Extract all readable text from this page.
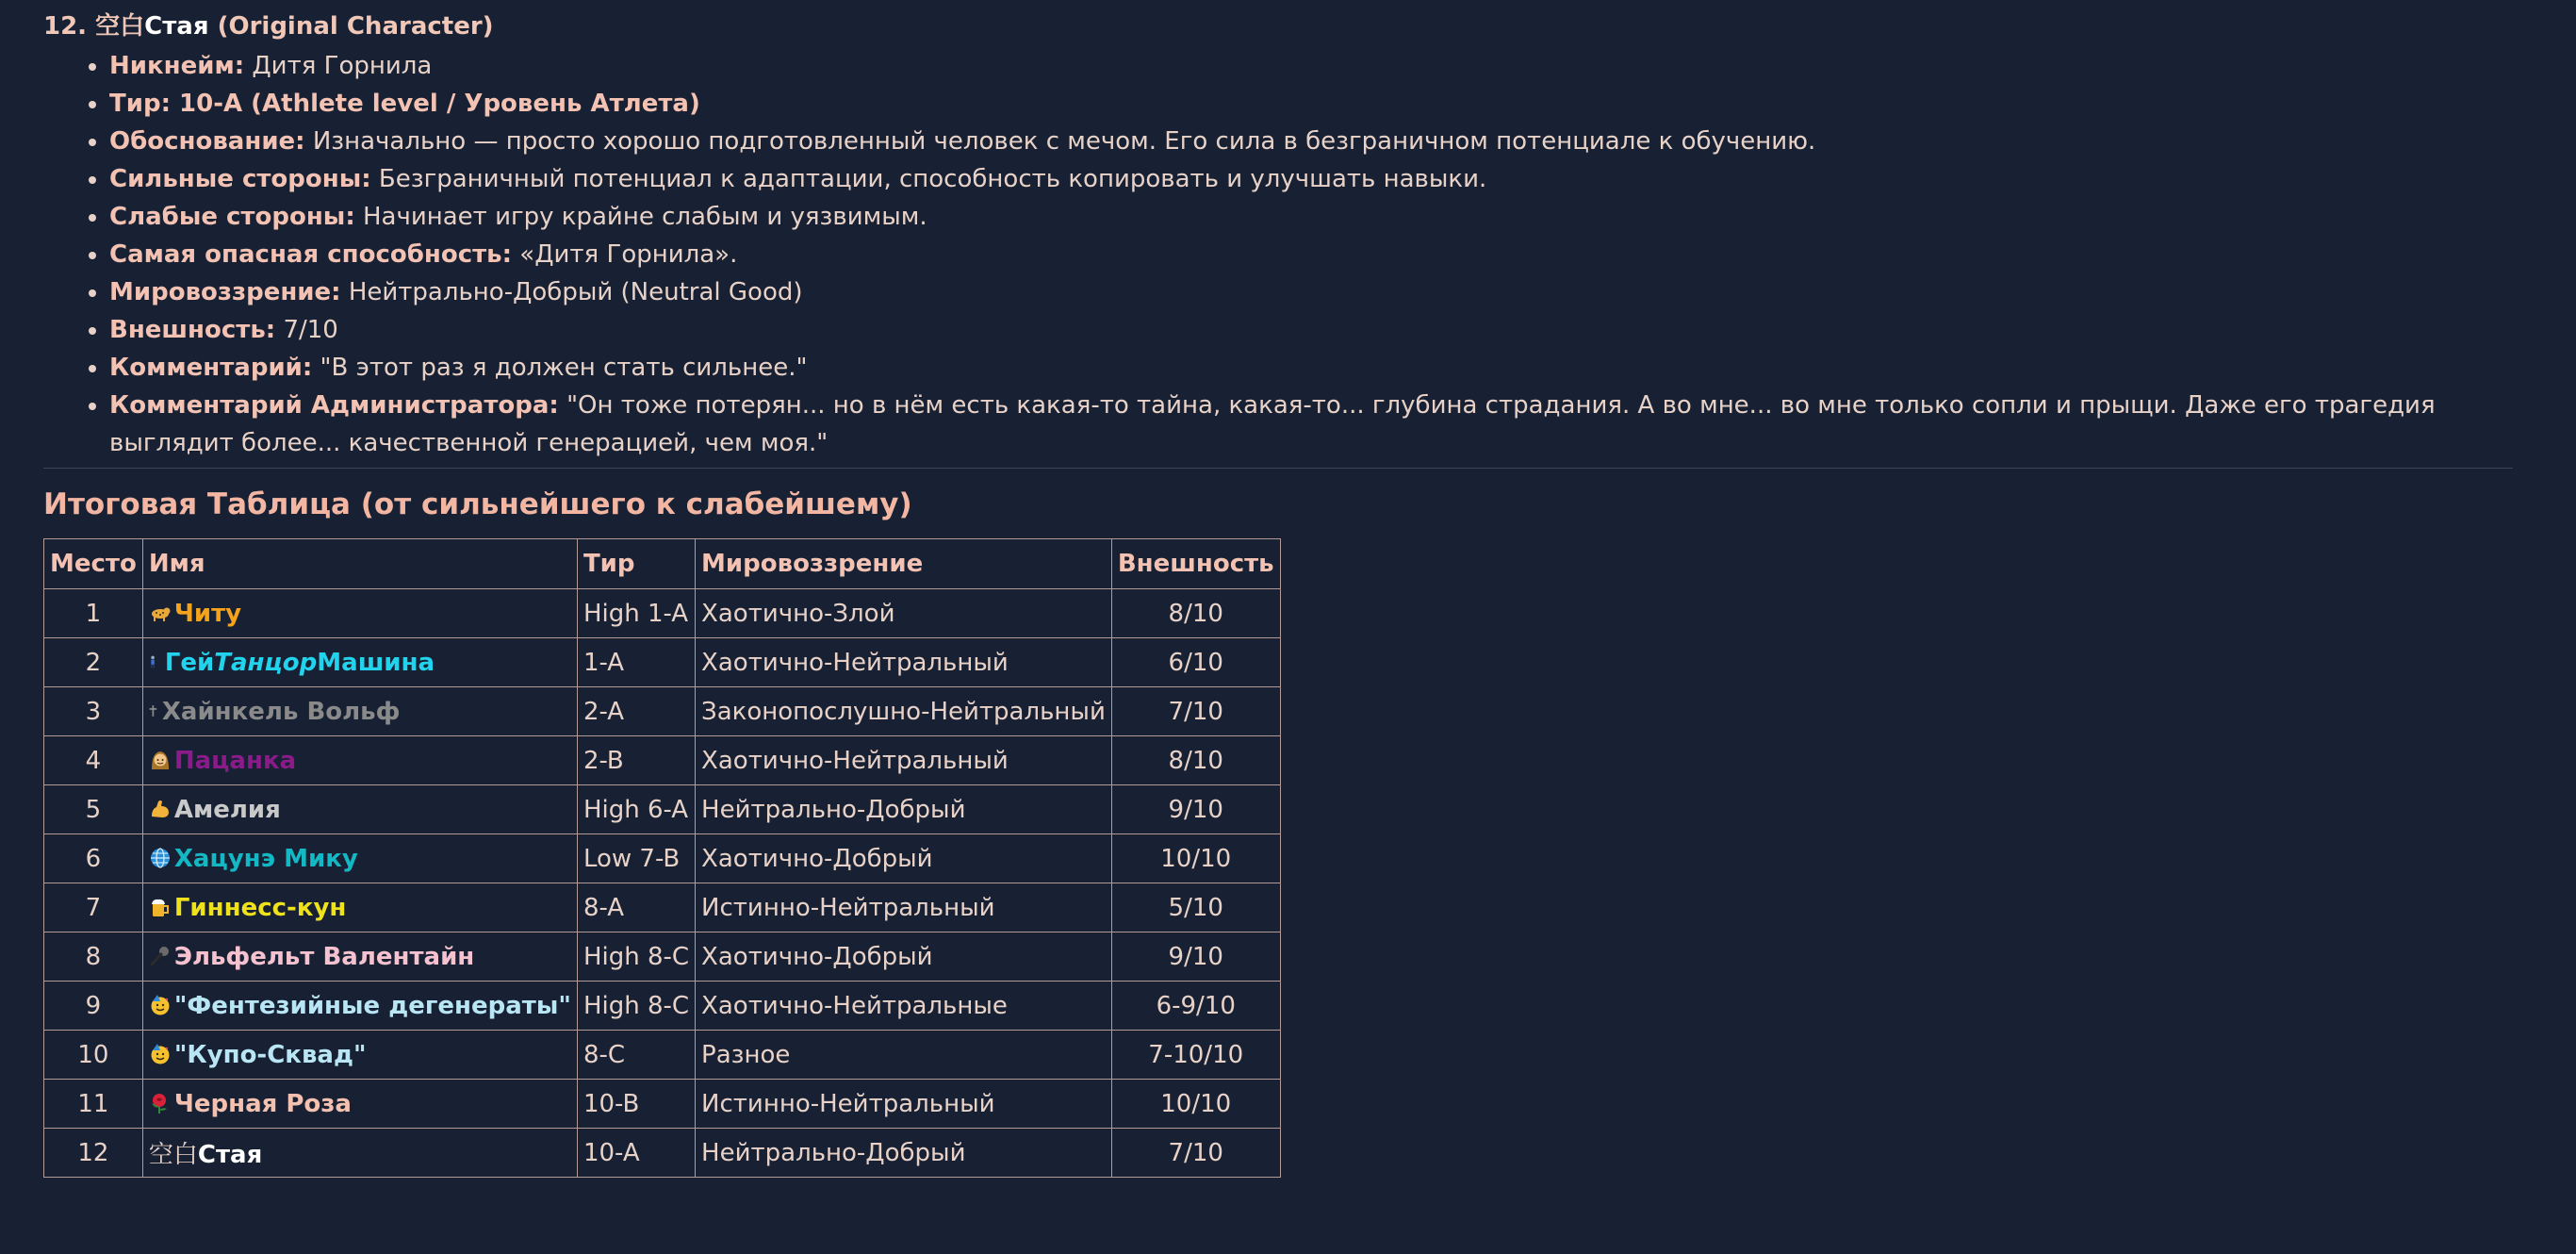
12. 空白Стая (Original Character)

• Никнейм: Дитя Горнила
• Тир: 10-A (Athlete level / Уровень Атлета)
• Обоснование: Изначально — просто хорошо подготовленный человек с мечом. Его сила в безграничном потенциале к обучению.
• Сильные стороны: Безграничный потенциал к адаптации, способность копировать и улучшать навыки.
• Слабые стороны: Начинает игру крайне слабым и уязвимым.
• Самая опасная способность: «Дитя Горнила».
• Мировоззрение: Нейтрально-Добрый (Neutral Good)
• Внешность: 7/10
• Комментарий: "В этот раз я должен стать сильнее."
• Комментарий Администратора: "Он тоже потерян... но в нём есть какая-то тайна, какая-то... глубина страдания. А во мне... во мне только сопли и прыщи. Даже его трагедия выглядит более... качественной генерацией, чем моя."
Итоговая Таблица (от сильнейшего к слабейшему)
Место	Имя	Тир	Мировоззрение	Внешность
1	Читу	High 1-A	Хаотично-Злой	8/10
2	ГейТанцорМашина	1-A	Хаотично-Нейтральный	6/10
3	Хайнкель Вольф	2-A	Законопослушно-Нейтральный	7/10
4	Пацанка	2-B	Хаотично-Нейтральный	8/10
5	Амелия	High 6-A	Нейтрально-Добрый	9/10
6	Хацунэ Мику	Low 7-B	Хаотично-Добрый	10/10
7	Гиннесс-кун	8-A	Истинно-Нейтральный	5/10
8	Эльфельт Валентайн	High 8-C	Хаотично-Добрый	9/10
9	"Фентезийные дегенераты"	High 8-C	Хаотично-Нейтральные	6-9/10
10	"Купо-Сквад"	8-C	Разное	7-10/10
11	Черная Роза	10-B	Истинно-Нейтральный	10/10
12	空白Стая	10-A	Нейтрально-Добрый	7/10
